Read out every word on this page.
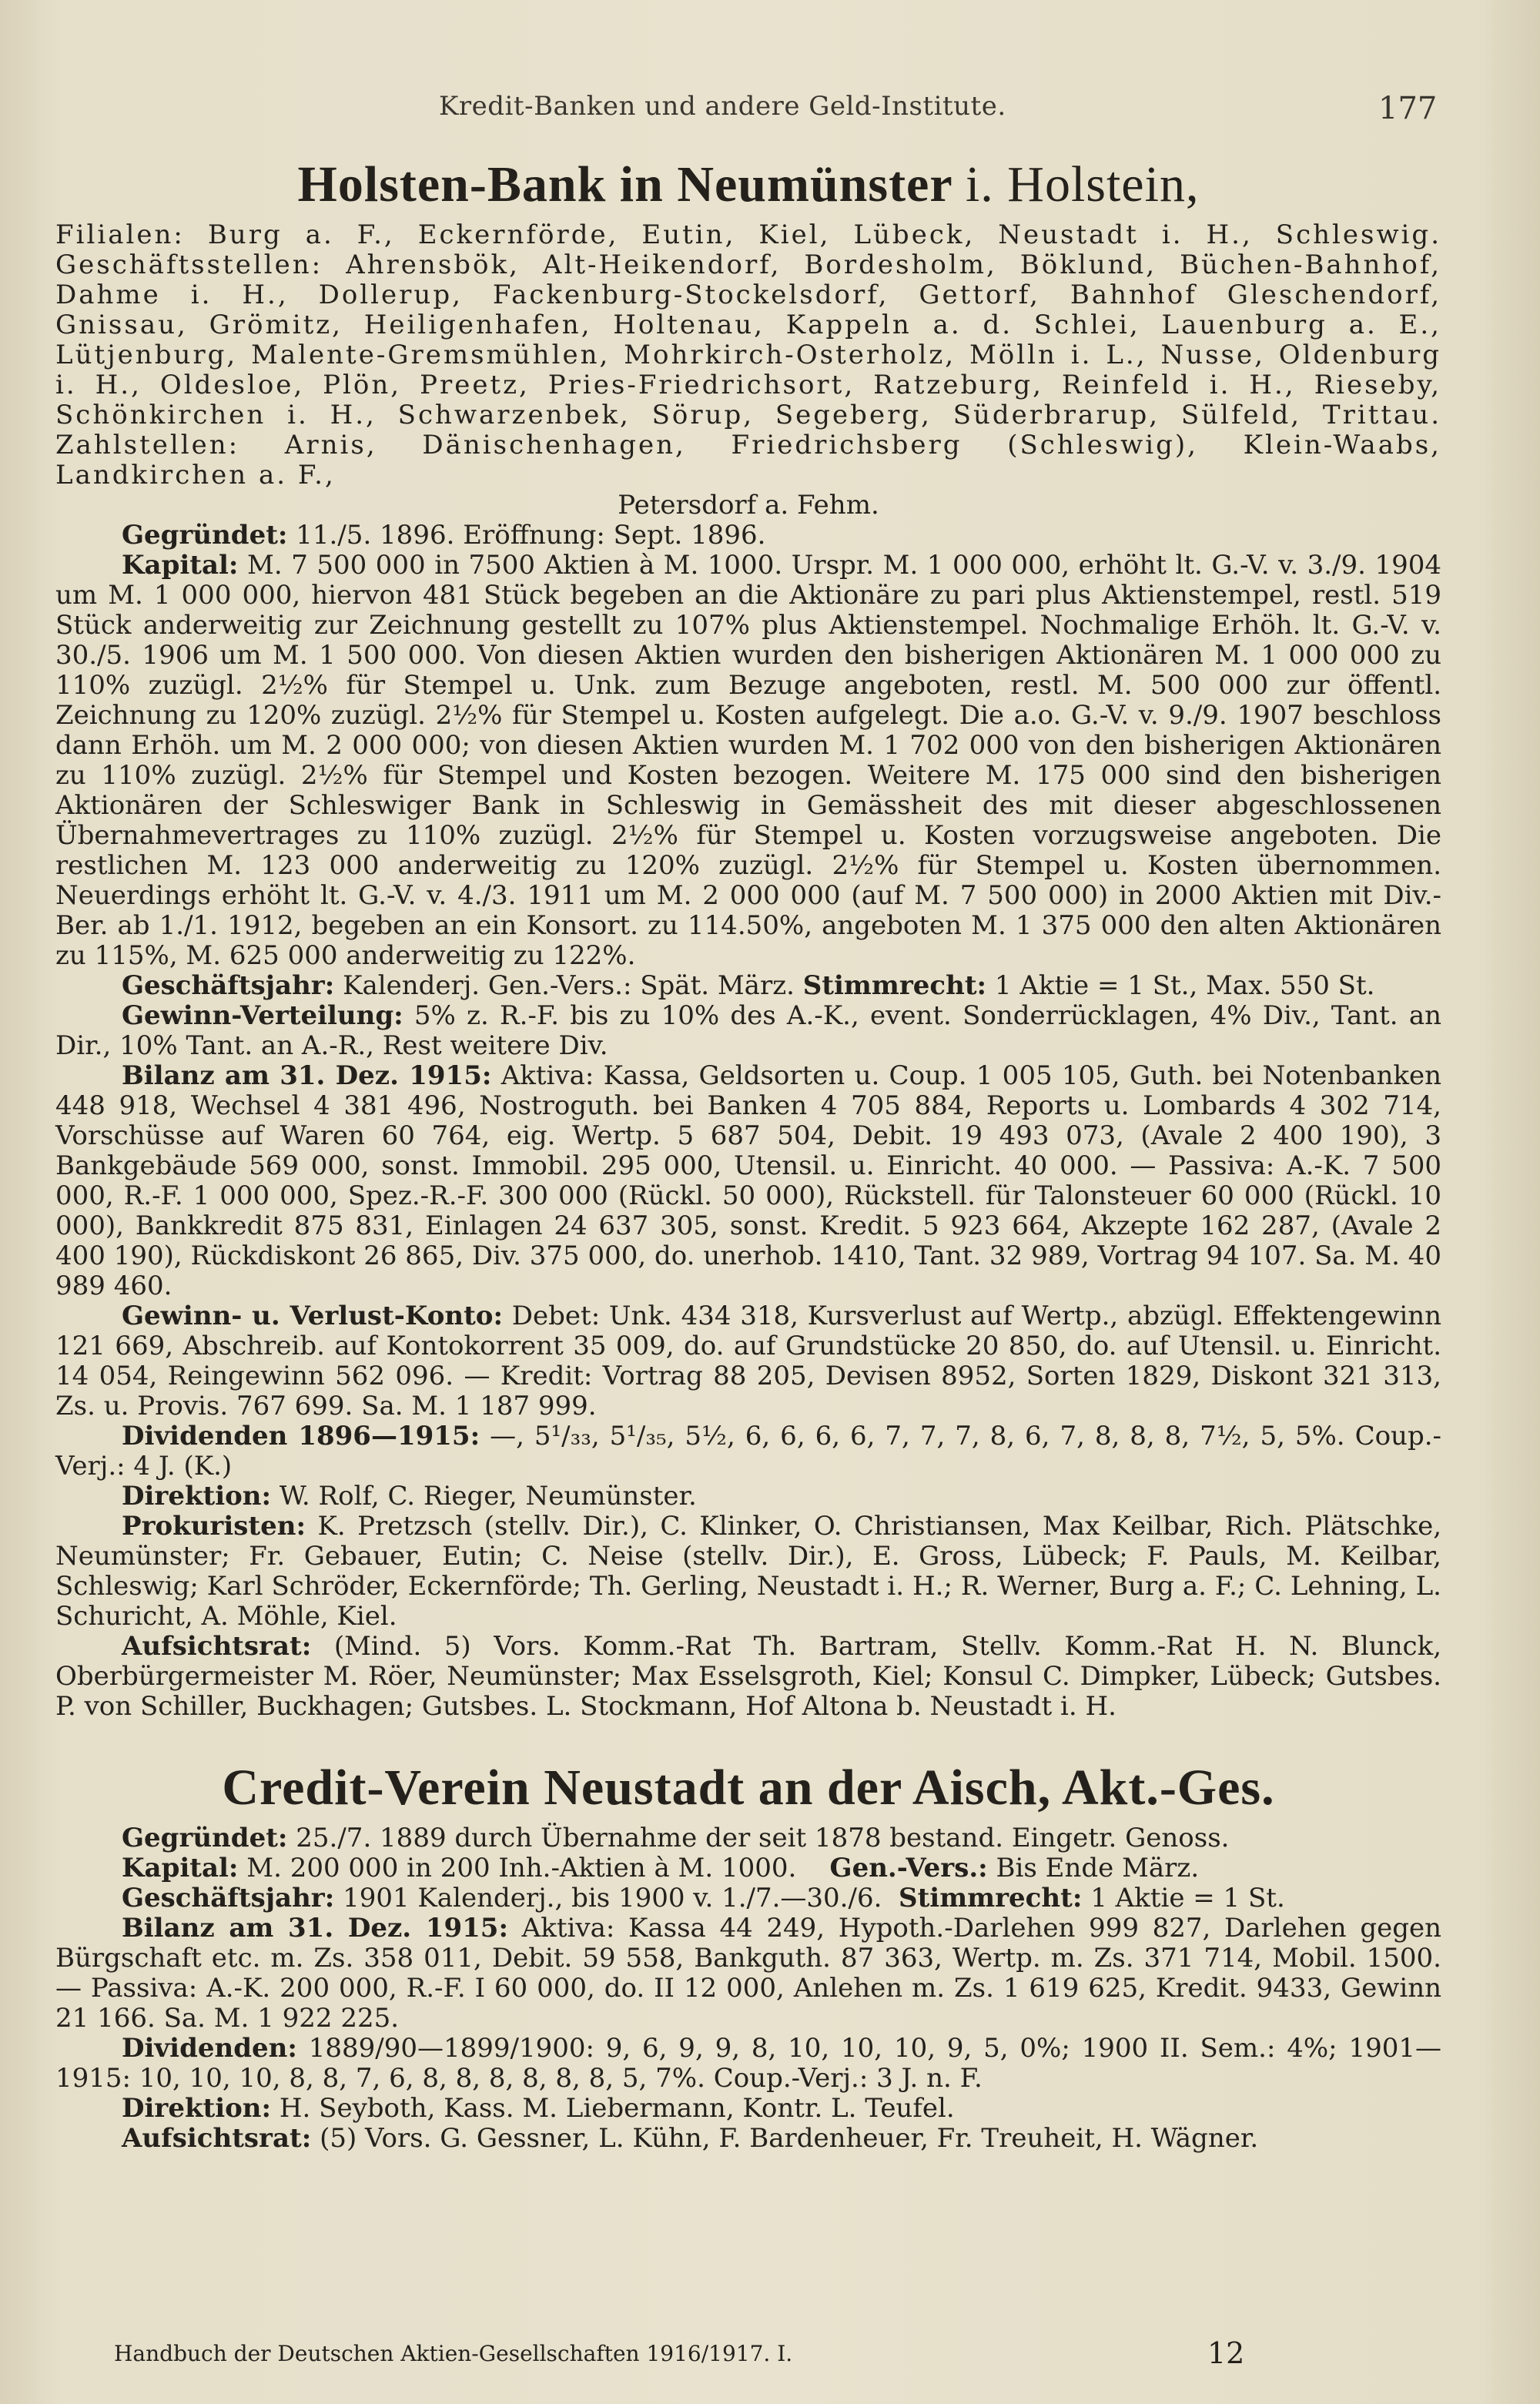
Kredit-Banken und andere Geld-Institute.	177
Holsten-Bank in Neumünster i. Holstein,

Filialen: Burg a. F., Eckernförde, Eutin, Kiel, Lübeck, Neustadt i. H., Schleswig. Geschäftsstellen: Ahrensbök, Alt-Heikendorf, Bordesholm, Böklund, Büchen-Bahnhof, Dahme i. H., Dollerup, Fackenburg-Stockelsdorf, Gettorf, Bahnhof Gleschendorf, Gnissau, Grömitz, Heiligenhafen, Holtenau, Kappeln a. d. Schlei, Lauenburg a. E., Lütjenburg, Malente-Gremsmühlen, Mohrkirch-Osterholz, Mölln i. L., Nusse, Oldenburg i. H., Oldesloe, Plön, Preetz, Pries-Friedrichsort, Ratzeburg, Reinfeld i. H., Rieseby, Schönkirchen i. H., Schwarzenbek, Sörup, Segeberg, Süderbrarup, Sülfeld, Trittau. Zahlstellen: Arnis, Dänischenhagen, Friedrichsberg (Schleswig), Klein-Waabs, Landkirchen a. F.,

Petersdorf a. Fehm.

Gegründet: 11./5. 1896. Eröffnung: Sept. 1896.

Kapital: M. 7 500 000 in 7500 Aktien à M. 1000. Urspr. M. 1 000 000, erhöht lt. G.-V. v. 3./9. 1904 um M. 1 000 000, hiervon 481 Stück begeben an die Aktionäre zu pari plus Aktienstempel, restl. 519 Stück anderweitig zur Zeichnung gestellt zu 107% plus Aktienstempel. Nochmalige Erhöh. lt. G.-V. v. 30./5. 1906 um M. 1 500 000. Von diesen Aktien wurden den bisherigen Aktionären M. 1 000 000 zu 110% zuzügl. 2½% für Stempel u. Unk. zum Bezuge angeboten, restl. M. 500 000 zur öffentl. Zeichnung zu 120% zuzügl. 2½% für Stempel u. Kosten aufgelegt. Die a.o. G.-V. v. 9./9. 1907 beschloss dann Erhöh. um M. 2 000 000; von diesen Aktien wurden M. 1 702 000 von den bisherigen Aktionären zu 110% zuzügl. 2½% für Stempel und Kosten bezogen. Weitere M. 175 000 sind den bisherigen Aktionären der Schleswiger Bank in Schleswig in Gemässheit des mit dieser abgeschlossenen Übernahmevertrages zu 110% zuzügl. 2½% für Stempel u. Kosten vorzugsweise angeboten. Die restlichen M. 123 000 anderweitig zu 120% zuzügl. 2½% für Stempel u. Kosten übernommen. Neuerdings erhöht lt. G.-V. v. 4./3. 1911 um M. 2 000 000 (auf M. 7 500 000) in 2000 Aktien mit Div.-Ber. ab 1./1. 1912, begeben an ein Konsort. zu 114.50%, angeboten M. 1 375 000 den alten Aktionären zu 115%, M. 625 000 anderweitig zu 122%.

Geschäftsjahr: Kalenderj. Gen.-Vers.: Spät. März. Stimmrecht: 1 Aktie = 1 St., Max. 550 St.

Gewinn-Verteilung: 5% z. R.-F. bis zu 10% des A.-K., event. Sonderrücklagen, 4% Div., Tant. an Dir., 10% Tant. an A.-R., Rest weitere Div.

Bilanz am 31. Dez. 1915: Aktiva: Kassa, Geldsorten u. Coup. 1 005 105, Guth. bei Notenbanken 448 918, Wechsel 4 381 496, Nostroguth. bei Banken 4 705 884, Reports u. Lombards 4 302 714, Vorschüsse auf Waren 60 764, eig. Wertp. 5 687 504, Debit. 19 493 073, (Avale 2 400 190), 3 Bankgebäude 569 000, sonst. Immobil. 295 000, Utensil. u. Einricht. 40 000. — Passiva: A.-K. 7 500 000, R.-F. 1 000 000, Spez.-R.-F. 300 000 (Rückl. 50 000), Rückstell. für Talonsteuer 60 000 (Rückl. 10 000), Bankkredit 875 831, Einlagen 24 637 305, sonst. Kredit. 5 923 664, Akzepte 162 287, (Avale 2 400 190), Rückdiskont 26 865, Div. 375 000, do. unerhob. 1410, Tant. 32 989, Vortrag 94 107. Sa. M. 40 989 460.

Gewinn- u. Verlust-Konto: Debet: Unk. 434 318, Kursverlust auf Wertp., abzügl. Effektengewinn 121 669, Abschreib. auf Kontokorrent 35 009, do. auf Grundstücke 20 850, do. auf Utensil. u. Einricht. 14 054, Reingewinn 562 096. — Kredit: Vortrag 88 205, Devisen 8952, Sorten 1829, Diskont 321 313, Zs. u. Provis. 767 699. Sa. M. 1 187 999.

Dividenden 1896—1915: —, 5¹/₃₃, 5¹/₃₅, 5½, 6, 6, 6, 6, 7, 7, 7, 8, 6, 7, 8, 8, 8, 7½, 5, 5%. Coup.-Verj.: 4 J. (K.)

Direktion: W. Rolf, C. Rieger, Neumünster.

Prokuristen: K. Pretzsch (stellv. Dir.), C. Klinker, O. Christiansen, Max Keilbar, Rich. Plätschke, Neumünster; Fr. Gebauer, Eutin; C. Neise (stellv. Dir.), E. Gross, Lübeck; F. Pauls, M. Keilbar, Schleswig; Karl Schröder, Eckernförde; Th. Gerling, Neustadt i. H.; R. Werner, Burg a. F.; C. Lehning, L. Schuricht, A. Möhle, Kiel.

Aufsichtsrat: (Mind. 5) Vors. Komm.-Rat Th. Bartram, Stellv. Komm.-Rat H. N. Blunck, Oberbürgermeister M. Röer, Neumünster; Max Esselsgroth, Kiel; Konsul C. Dimpker, Lübeck; Gutsbes. P. von Schiller, Buckhagen; Gutsbes. L. Stockmann, Hof Altona b. Neustadt i. H.

Credit-Verein Neustadt an der Aisch, Akt.-Ges.

Gegründet: 25./7. 1889 durch Übernahme der seit 1878 bestand. Eingetr. Genoss.

Kapital: M. 200 000 in 200 Inh.-Aktien à M. 1000. Gen.-Vers.: Bis Ende März.

Geschäftsjahr: 1901 Kalenderj., bis 1900 v. 1./7.—30./6. Stimmrecht: 1 Aktie = 1 St.

Bilanz am 31. Dez. 1915: Aktiva: Kassa 44 249, Hypoth.-Darlehen 999 827, Darlehen gegen Bürgschaft etc. m. Zs. 358 011, Debit. 59 558, Bankguth. 87 363, Wertp. m. Zs. 371 714, Mobil. 1500. — Passiva: A.-K. 200 000, R.-F. I 60 000, do. II 12 000, Anlehen m. Zs. 1 619 625, Kredit. 9433, Gewinn 21 166. Sa. M. 1 922 225.

Dividenden: 1889/90—1899/1900: 9, 6, 9, 9, 8, 10, 10, 10, 9, 5, 0%; 1900 II. Sem.: 4%; 1901—1915: 10, 10, 10, 8, 8, 7, 6, 8, 8, 8, 8, 8, 8, 5, 7%. Coup.-Verj.: 3 J. n. F.

Direktion: H. Seyboth, Kass. M. Liebermann, Kontr. L. Teufel.

Aufsichtsrat: (5) Vors. G. Gessner, L. Kühn, F. Bardenheuer, Fr. Treuheit, H. Wägner.

Handbuch der Deutschen Aktien-Gesellschaften 1916/1917. I.	12
